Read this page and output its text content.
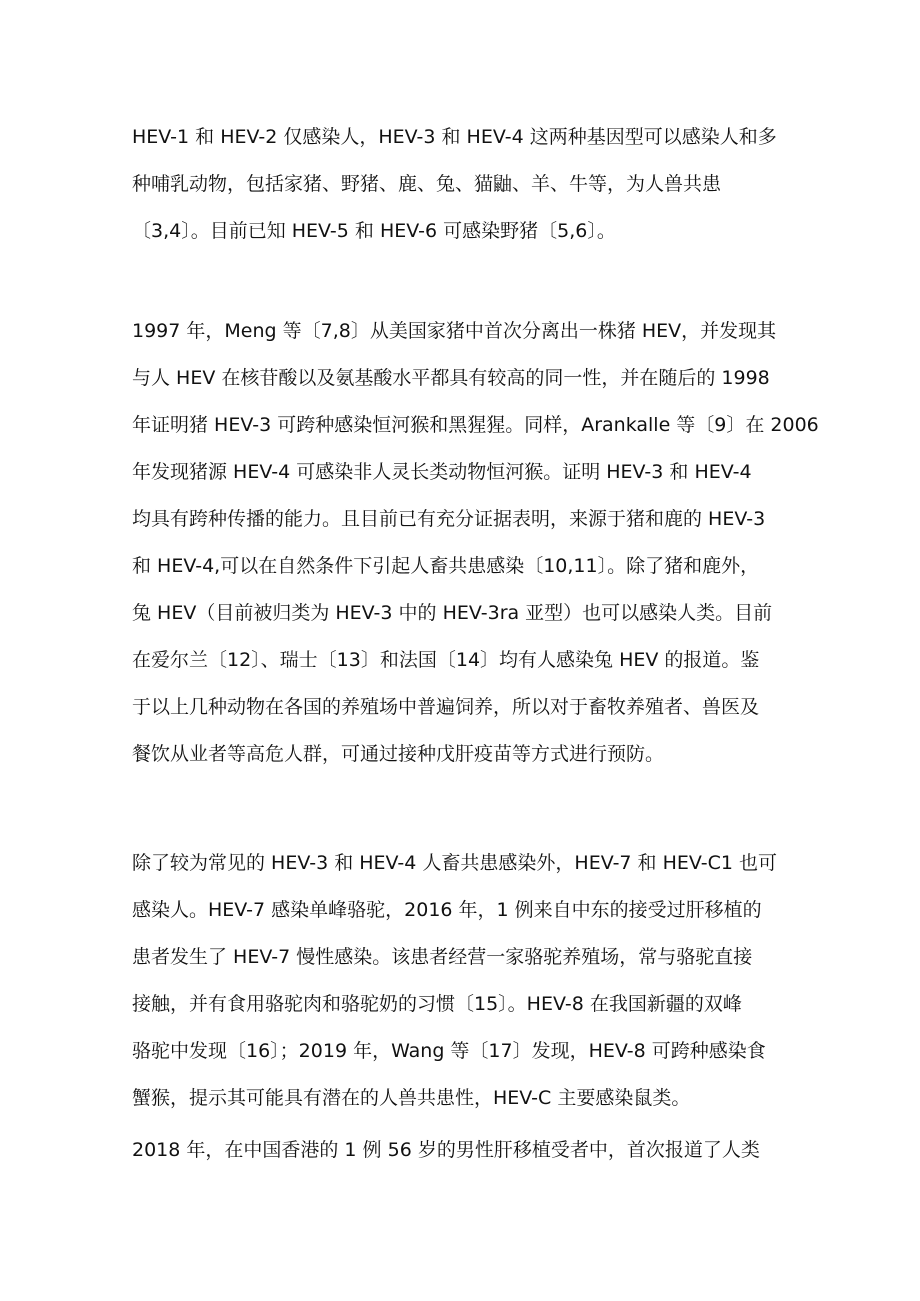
HEV-1 和 HEV-2 仅感染人，HEV-3 和 HEV-4 这两种基因型可以感染人和多
种哺乳动物，包括家猪、野猪、鹿、兔、猫鼬、羊、牛等，为人兽共患
〔3,4〕。目前已知 HEV-5 和 HEV-6 可感染野猪〔5,6〕。
1997 年，Meng 等〔7,8〕从美国家猪中首次分离出一株猪 HEV，并发现其
与人 HEV 在核苷酸以及氨基酸水平都具有较高的同一性，并在随后的 1998
年证明猪 HEV-3 可跨种感染恒河猴和黑猩猩。同样，Arankalle 等〔9〕在 2006
年发现猪源 HEV-4 可感染非人灵长类动物恒河猴。证明 HEV-3 和 HEV-4
均具有跨种传播的能力。且目前已有充分证据表明，来源于猪和鹿的 HEV-3
和 HEV-4,可以在自然条件下引起人畜共患感染〔10,11〕。除了猪和鹿外，
兔 HEV（目前被归类为 HEV-3 中的 HEV-3ra 亚型）也可以感染人类。目前
在爱尔兰〔12〕、瑞士〔13〕和法国〔14〕均有人感染兔 HEV 的报道。鉴
于以上几种动物在各国的养殖场中普遍饲养，所以对于畜牧养殖者、兽医及
餐饮从业者等高危人群，可通过接种戊肝疫苗等方式进行预防。
除了较为常见的 HEV-3 和 HEV-4 人畜共患感染外，HEV-7 和 HEV-C1 也可
感染人。HEV-7 感染单峰骆驼，2016 年，1 例来自中东的接受过肝移植的
患者发生了 HEV-7 慢性感染。该患者经营一家骆驼养殖场，常与骆驼直接
接触，并有食用骆驼肉和骆驼奶的习惯〔15〕。HEV-8 在我国新疆的双峰
骆驼中发现〔16〕；2019 年，Wang 等〔17〕发现，HEV-8 可跨种感染食
蟹猴，提示其可能具有潜在的人兽共患性，HEV-C 主要感染鼠类。
2018 年，在中国香港的 1 例 56 岁的男性肝移植受者中，首次报道了人类
